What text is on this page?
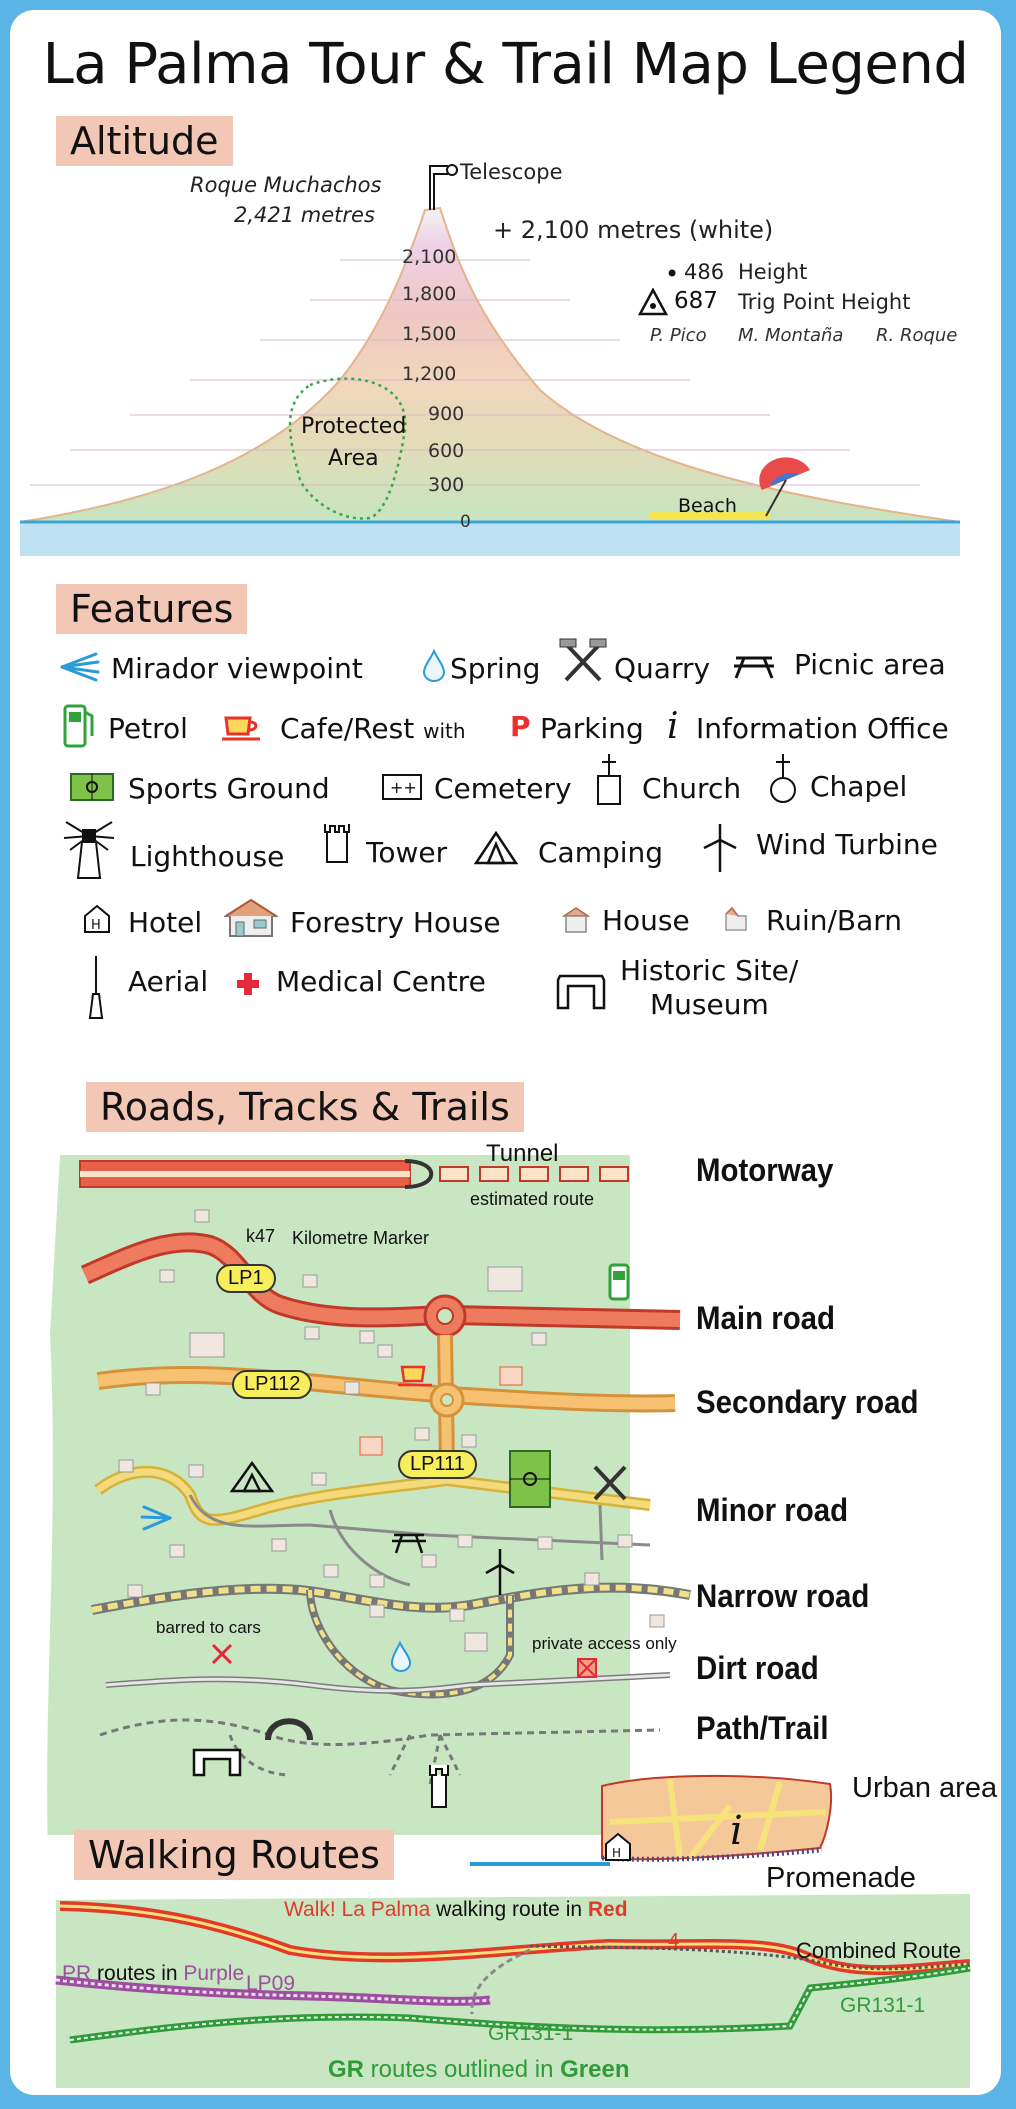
La Palma Tour & Trail Map Legend
Altitude
Roque Muchachos
2,421 metres
Telescope
+ 2,100 metres (white)
• 486 Height
687 Trig Point Height
P. Pico M. Montaña R. Roque
2,100
1,800
1,500
1,200
900
600
300
0
Protected
Area
Beach
Features
Mirador viewpoint	Spring	Quarry	Picnic area
Petrol	Cafe/Rest with P Parking i Information Office
Sports Ground	++ Cemetery	Church Chapel
Lighthouse	Tower	Camping	Wind Turbine
H Hotel	Forestry House	House	Ruin/Barn
Aerial Medical Centre	Historic Site/
Museum
Roads, Tracks & Trails
LP1
LP112
LP111
Tunnel
estimated route
k47 Kilometre Marker
barred to cars
private access only
Motorway
Main road
Secondary road
Minor road
Narrow road
Dirt road
Path/Trail
i
H
Urban area
Promenade
Walking Routes
Walk! La Palma walking route in Red
4
PR routes in Purple LP09
Combined Route
GR131-1
GR131-1
GR routes outlined in Green
